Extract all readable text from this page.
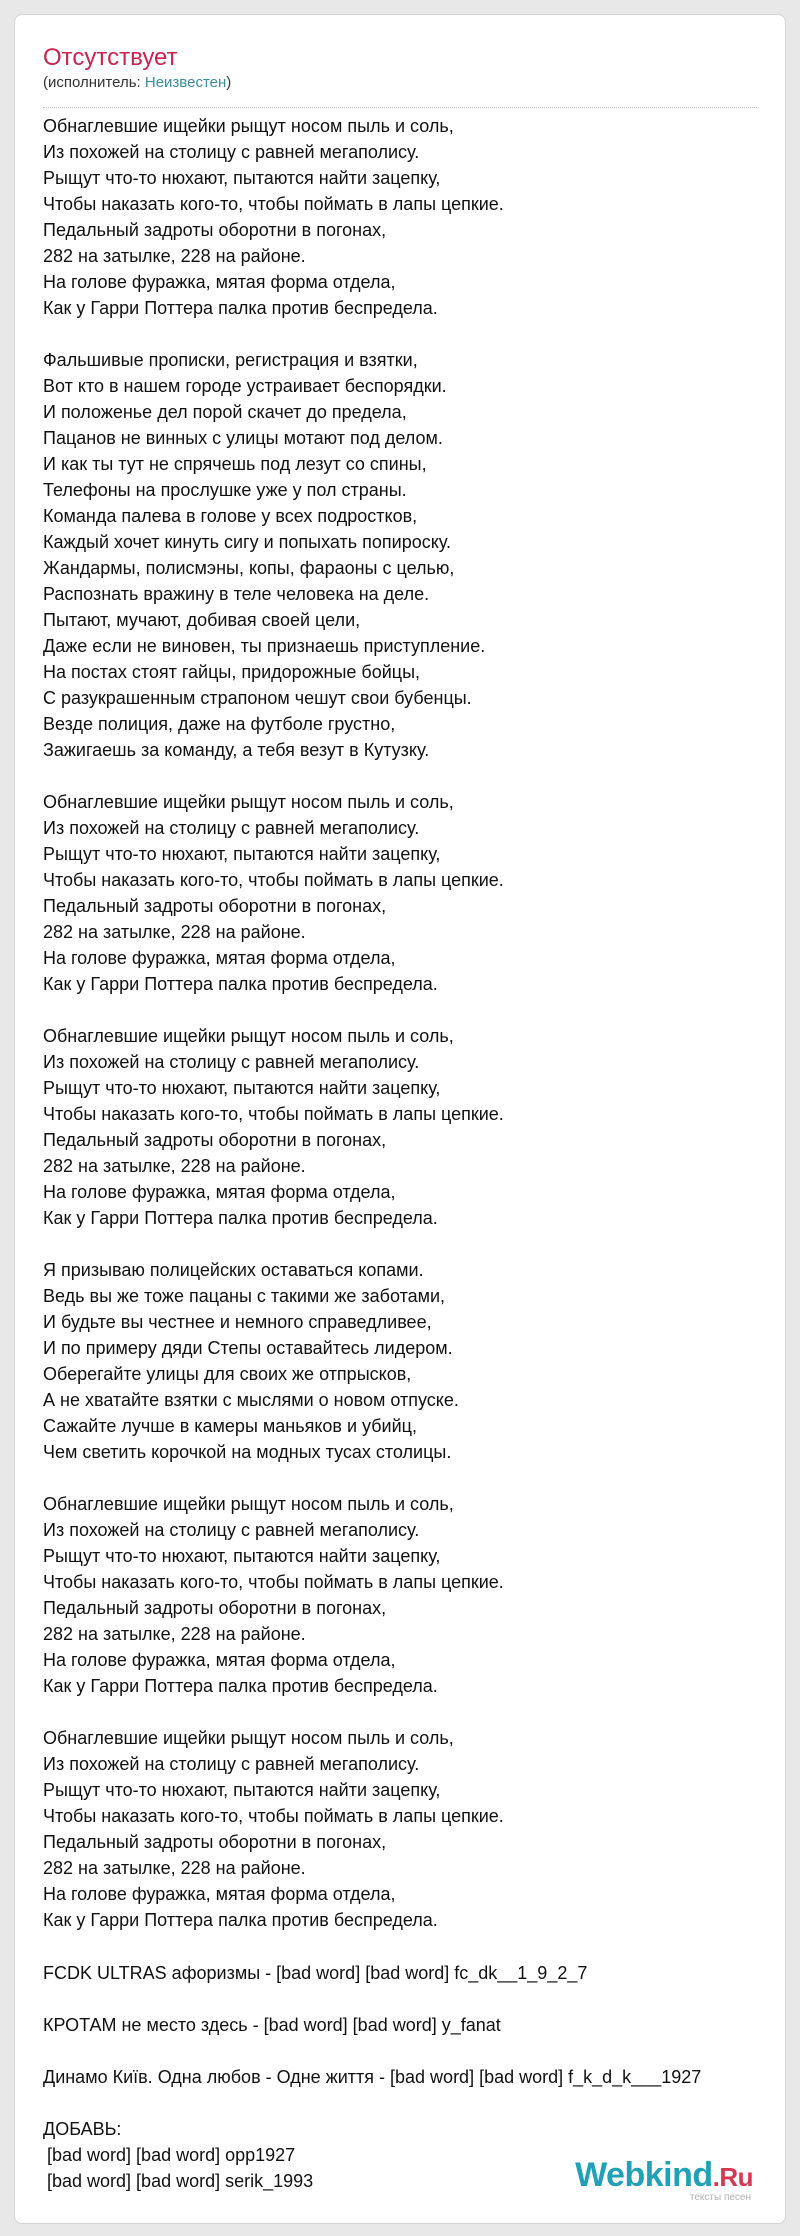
Отсутствует
(исполнитель: Неизвестен)
Обнаглевшие ищейки рыщут носом пыль и соль,
Из похожей на столицу с равней мегаполису.
Рыщут что-то нюхают, пытаются найти зацепку,
Чтобы наказать кого-то, чтобы поймать в лапы цепкие.
Педальный задроты оборотни в погонах,
282 на затылке, 228 на районе.
На голове фуражка, мятая форма отдела,
Как у Гарри Поттера палка против беспредела.
Фальшивые прописки, регистрация и взятки,
Вот кто в нашем городе устраивает беспорядки.
И положенье дел порой скачет до предела,
Пацанов не винных с улицы мотают под делом.
И как ты тут не спрячешь под лезут со спины,
Телефоны на прослушке уже у пол страны.
Команда палева в голове у всех подростков,
Каждый хочет кинуть сигу и попыхать попироску.
Жандармы, полисмэны, копы, фараоны с целью,
Распознать вражину в теле человека на деле.
Пытают, мучают, добивая своей цели,
Даже если не виновен, ты признаешь приступление.
На постах стоят гайцы, придорожные бойцы,
С разукрашенным страпоном чешут свои бубенцы.
Везде полиция, даже на футболе грустно,
Зажигаешь за команду, а тебя везут в Кутузку.
Обнаглевшие ищейки рыщут носом пыль и соль,
Из похожей на столицу с равней мегаполису.
Рыщут что-то нюхают, пытаются найти зацепку,
Чтобы наказать кого-то, чтобы поймать в лапы цепкие.
Педальный задроты оборотни в погонах,
282 на затылке, 228 на районе.
На голове фуражка, мятая форма отдела,
Как у Гарри Поттера палка против беспредела.
Обнаглевшие ищейки рыщут носом пыль и соль,
Из похожей на столицу с равней мегаполису.
Рыщут что-то нюхают, пытаются найти зацепку,
Чтобы наказать кого-то, чтобы поймать в лапы цепкие.
Педальный задроты оборотни в погонах,
282 на затылке, 228 на районе.
На голове фуражка, мятая форма отдела,
Как у Гарри Поттера палка против беспредела.
Я призываю полицейских оставаться копами.
Ведь вы же тоже пацаны с такими же заботами,
И будьте вы честнее и немного справедливее,
И по примеру дяди Степы оставайтесь лидером.
Оберегайте улицы для своих же отпрысков,
А не хватайте взятки с мыслями о новом отпуске.
Сажайте лучше в камеры маньяков и убийц,
Чем светить корочкой на модных тусах столицы.
Обнаглевшие ищейки рыщут носом пыль и соль,
Из похожей на столицу с равней мегаполису.
Рыщут что-то нюхают, пытаются найти зацепку,
Чтобы наказать кого-то, чтобы поймать в лапы цепкие.
Педальный задроты оборотни в погонах,
282 на затылке, 228 на районе.
На голове фуражка, мятая форма отдела,
Как у Гарри Поттера палка против беспредела.
Обнаглевшие ищейки рыщут носом пыль и соль,
Из похожей на столицу с равней мегаполису.
Рыщут что-то нюхают, пытаются найти зацепку,
Чтобы наказать кого-то, чтобы поймать в лапы цепкие.
Педальный задроты оборотни в погонах,
282 на затылке, 228 на районе.
На голове фуражка, мятая форма отдела,
Как у Гарри Поттера палка против беспредела.
FCDK ULTRAS афоризмы - [bad word] [bad word] fc_dk__1_9_2_7
КРОТАМ не место здесь - [bad word] [bad word] y_fanat
Динамо Київ. Одна любов - Одне життя - [bad word] [bad word] f_k_d_k___1927
ДОБАВЬ:
[bad word] [bad word] opp1927
[bad word] [bad word] serik_1993	Webkind.Ru
тексты песен
